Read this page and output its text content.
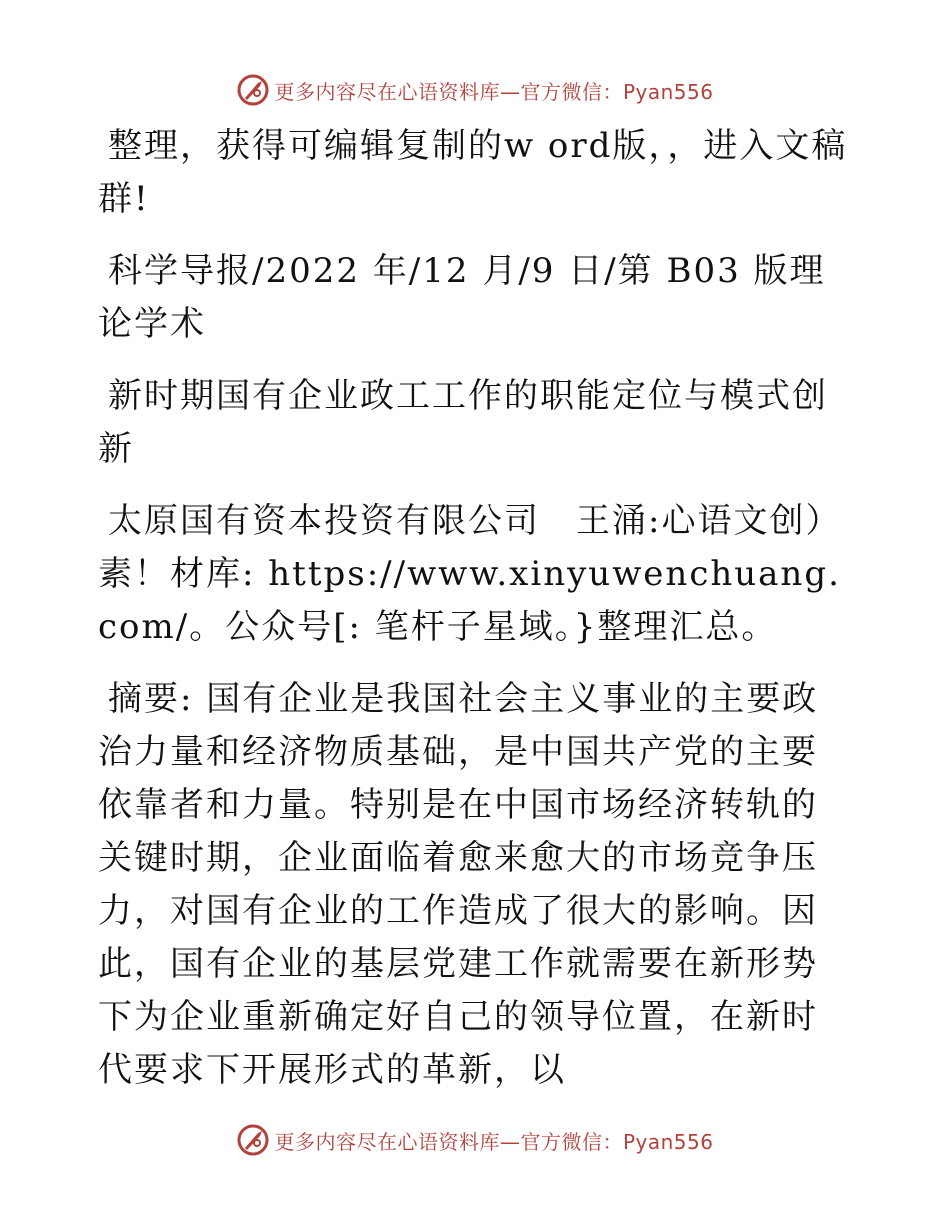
更多内容尽在心语资料库—官方微信：Pyan556

整理，获得可编辑复制的w ord版，，进入文稿群!

科学导报/2022 年/12 月/9 日/第 B03 版理论学术

新时期国有企业政工工作的职能定位与模式创新

太原国有资本投资有限公司　王涌:心语文创）素！材库: https://www.xinyuwenchuang.com/。公众号[: 笔杆子星域。}整理汇总。

摘要: 国有企业是我国社会主义事业的主要政治力量和经济物质基础，是中国共产党的主要依靠者和力量。特别是在中国市场经济转轨的关键时期，企业面临着愈来愈大的市场竞争压力，对国有企业的工作造成了很大的影响。因此，国有企业的基层党建工作就需要在新形势下为企业重新确定好自己的领导位置，在新时代要求下开展形式的革新，以

更多内容尽在心语资料库—官方微信：Pyan556
